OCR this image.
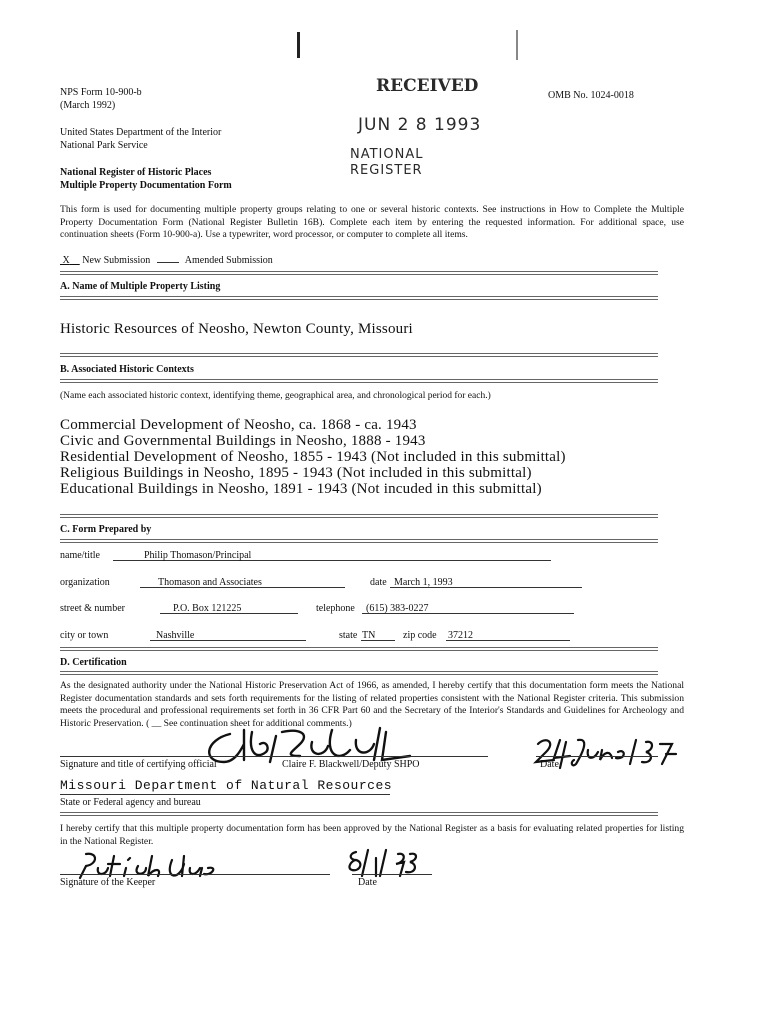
NPS Form 10-900-b
(March 1992)
OMB No. 1024-0018
United States Department of the Interior
National Park Service
National Register of Historic Places
Multiple Property Documentation Form
RECEIVED
JUN 2 8 1993
NATIONAL
REGISTER
This form is used for documenting multiple property groups relating to one or several historic contexts. See instructions in How to Complete the Multiple Property Documentation Form (National Register Bulletin 16B). Complete each item by entering the requested information. For additional space, use continuation sheets (Form 10-900-a). Use a typewriter, word processor, or computer to complete all items.
X New Submission	Amended Submission
A. Name of Multiple Property Listing
Historic Resources of Neosho, Newton County, Missouri
B. Associated Historic Contexts
(Name each associated historic context, identifying theme, geographical area, and chronological period for each.)
Commercial Development of Neosho, ca. 1868 - ca. 1943
Civic and Governmental Buildings in Neosho, 1888 - 1943
Residential Development of Neosho, 1855 - 1943 (Not included in this submittal)
Religious Buildings in Neosho, 1895 - 1943 (Not included in this submittal)
Educational Buildings in Neosho, 1891 - 1943 (Not incuded in this submittal)
C. Form Prepared by
name/title	Philip Thomason/Principal
organization	Thomason and Associates	date March 1, 1993
street & number	P.O. Box 121225	telephone (615) 383-0227
city or town	Nashville	state TN	zip code 37212
D. Certification
As the designated authority under the National Historic Preservation Act of 1966, as amended, I hereby certify that this documentation form meets the National Register documentation standards and sets forth requirements for the listing of related properties consistent with the National Register criteria. This submission meets the procedural and professional requirements set forth in 36 CFR Part 60 and the Secretary of the Interior's Standards and Guidelines for Archeology and Historic Preservation. ( __ See continuation sheet for additional comments.)
Signature and title of certifying official	Claire F. Blackwell/Deputy SHPO	Date
Missouri Department of Natural Resources
State or Federal agency and bureau
I hereby certify that this multiple property documentation form has been approved by the National Register as a basis for evaluating related properties for listing in the National Register.
Signature of the Keeper	Date
